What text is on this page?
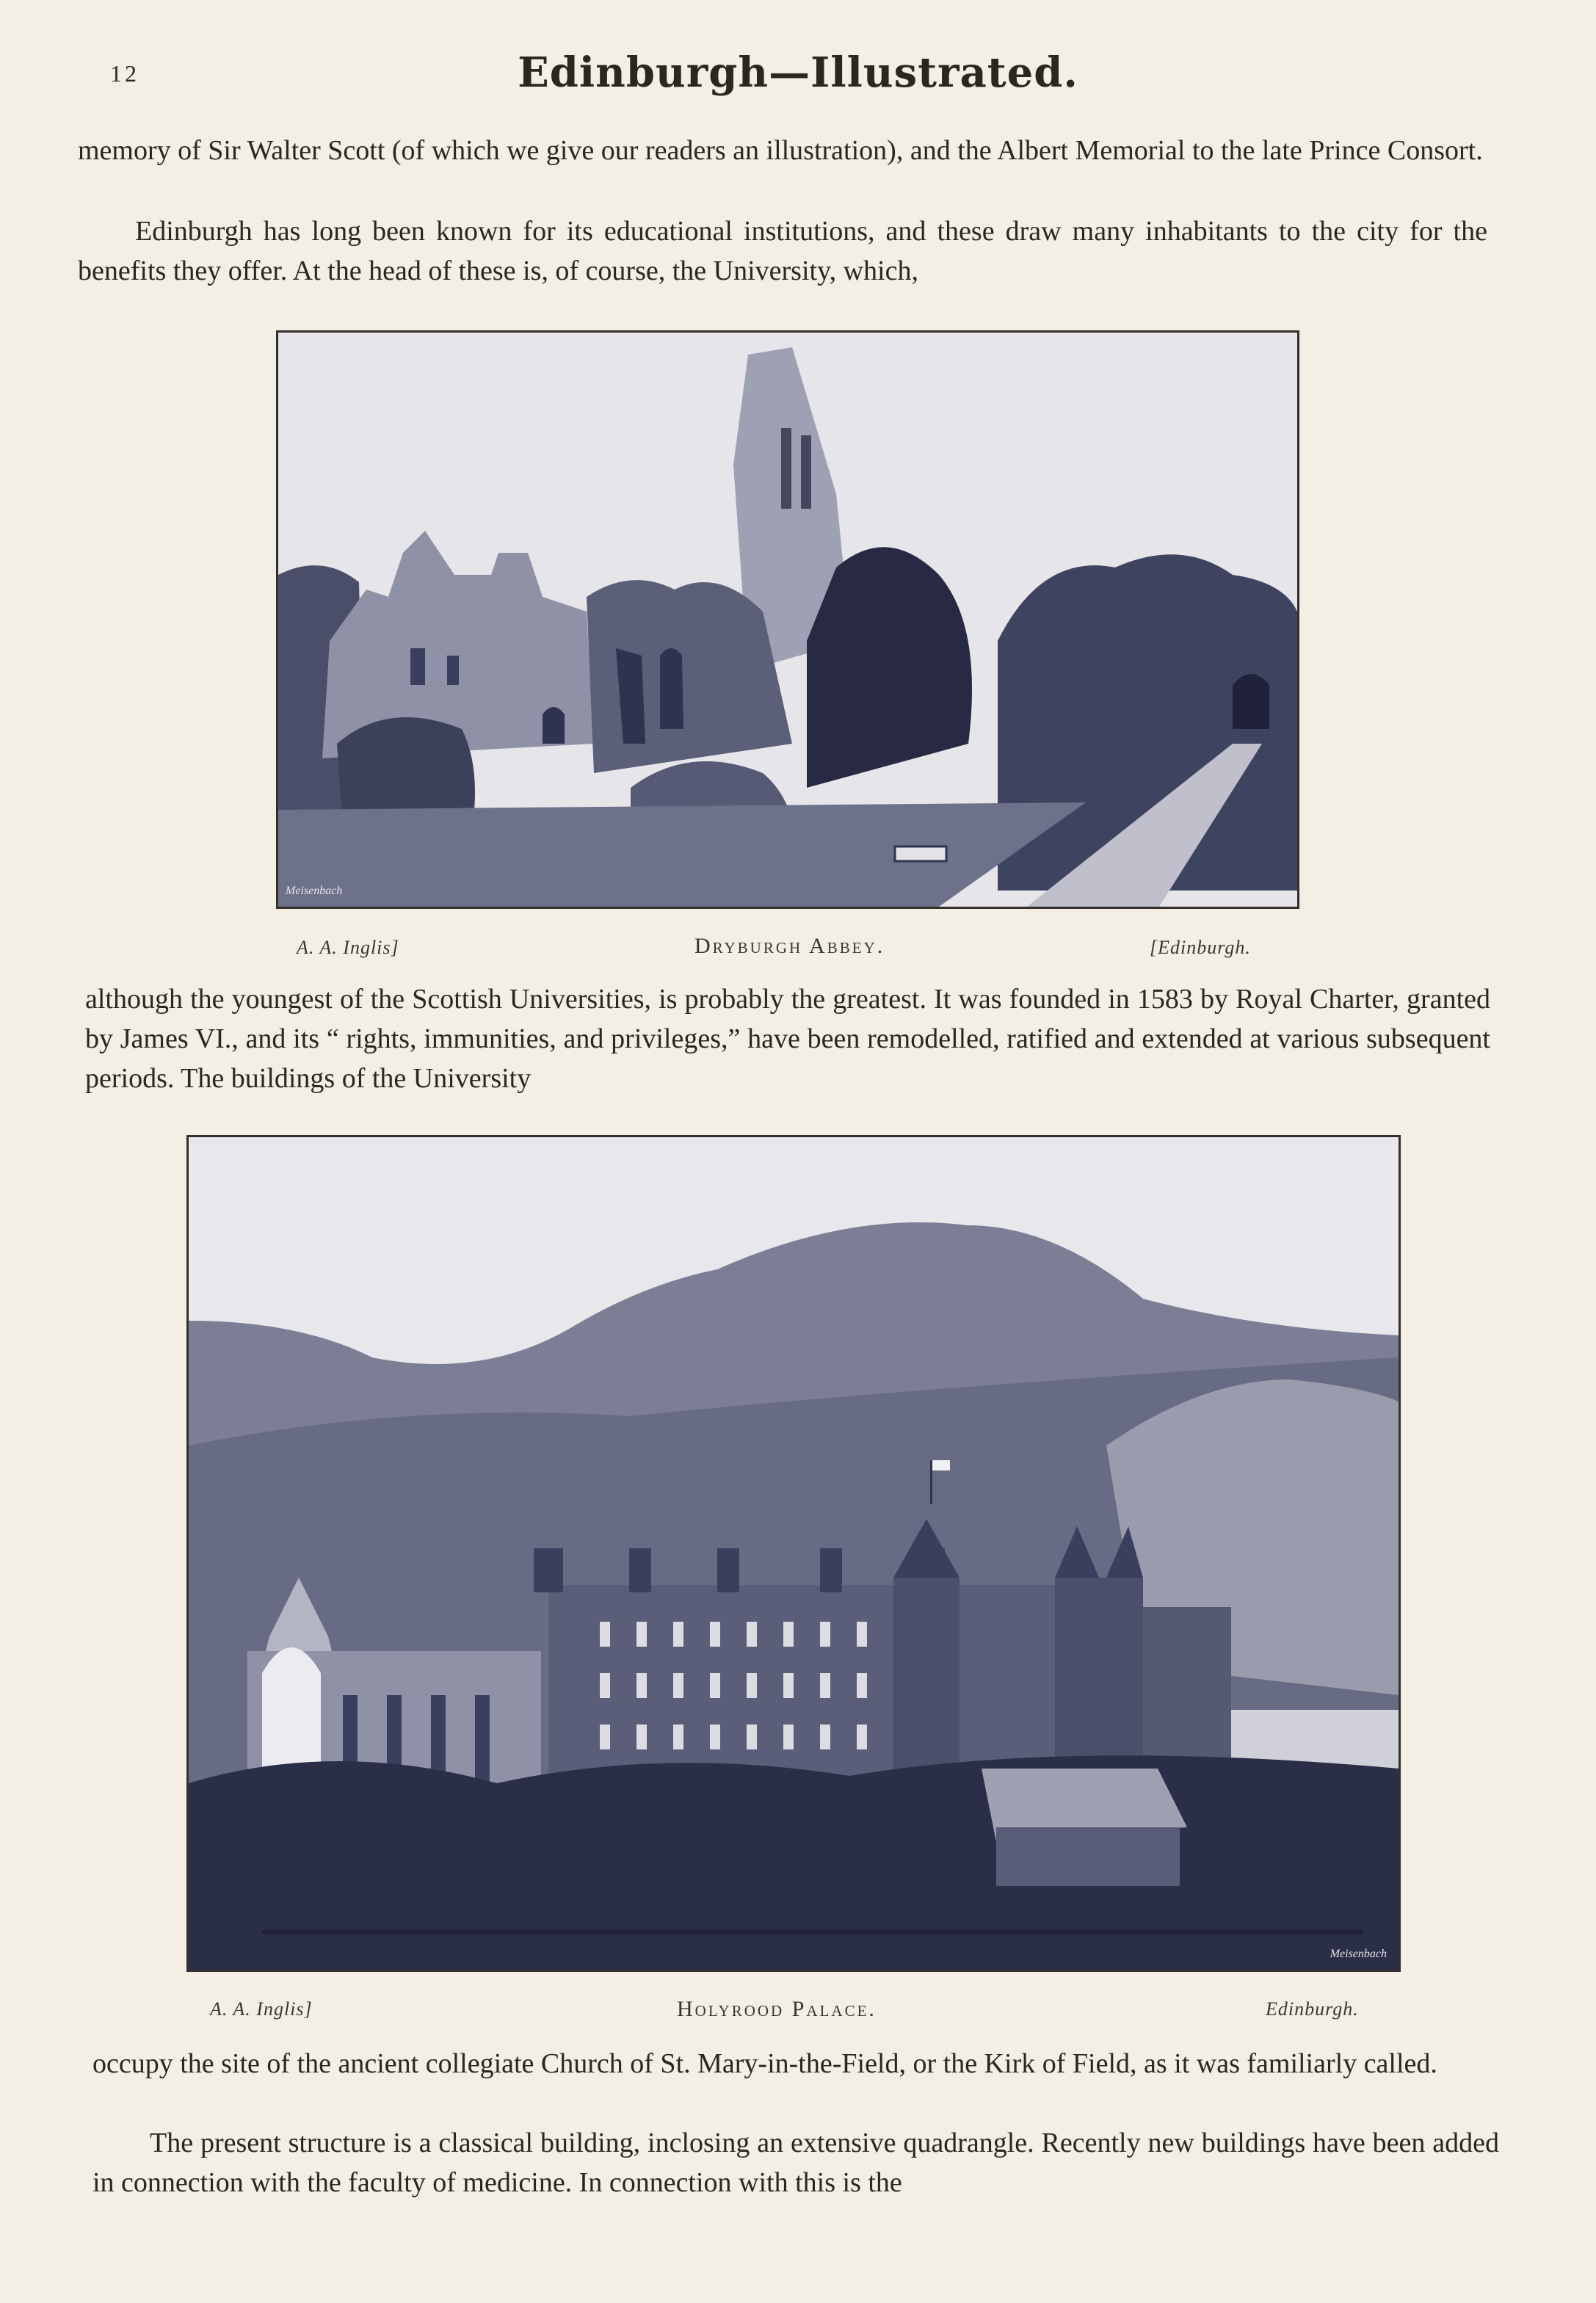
12	Edinburgh—Illustrated.

memory of Sir Walter Scott (of which we give our readers an illustration), and the Albert Memorial to the late Prince Consort.

Edinburgh has long been known for its educational institutions, and these draw many inhabitants to the city for the benefits they offer. At the head of these is, of course, the University, which,

Meisenbach
A. A. Inglis]	Dryburgh Abbey.	[Edinburgh.

although the youngest of the Scottish Universities, is probably the greatest. It was founded in 1583 by Royal Charter, granted by James VI., and its “ rights, immunities, and privileges,” have been remodelled, ratified and extended at various subsequent periods. The buildings of the University

Meisenbach
A. A. Inglis]	Holyrood Palace.	Edinburgh.

occupy the site of the ancient collegiate Church of St. Mary-in-the-Field, or the Kirk of Field, as it was familiarly called.

The present structure is a classical building, inclosing an extensive quadrangle. Recently new buildings have been added in connection with the faculty of medicine. In connection with this is the
